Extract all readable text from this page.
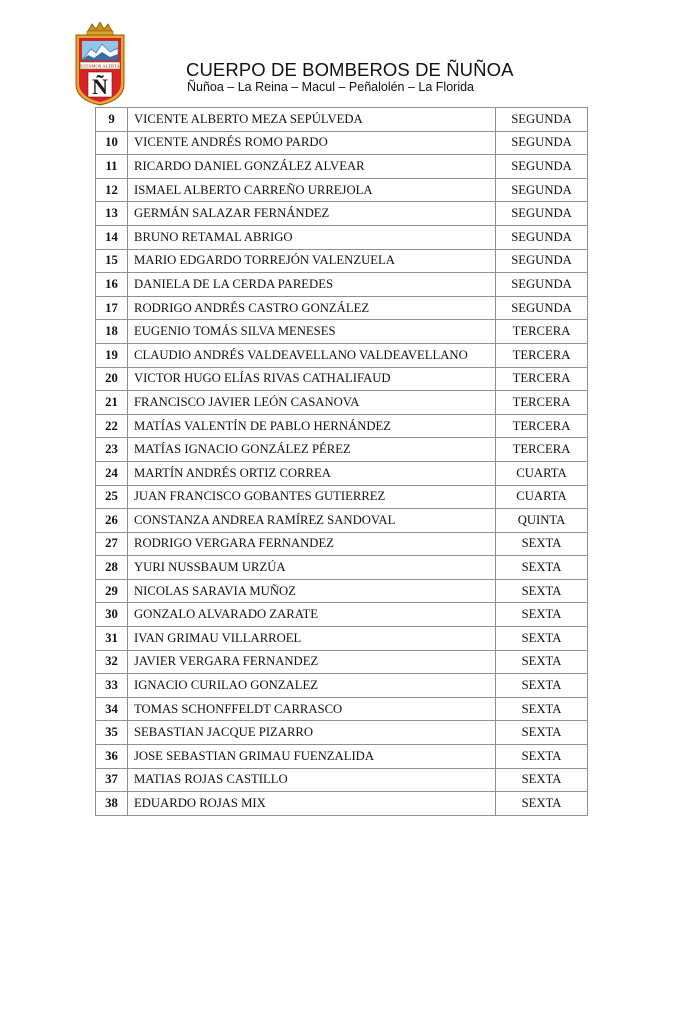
ESTAMOS ALERTA
Ñ
CUERPO DE BOMBEROS DE ÑUÑOA
Ñuñoa – La Reina – Macul – Peñalolén – La Florida
9	VICENTE ALBERTO MEZA SEPÚLVEDA	SEGUNDA
10	VICENTE ANDRÉS ROMO PARDO	SEGUNDA
11	RICARDO DANIEL GONZÁLEZ ALVEAR	SEGUNDA
12	ISMAEL ALBERTO CARREÑO URREJOLA	SEGUNDA
13	GERMÁN SALAZAR FERNÁNDEZ	SEGUNDA
14	BRUNO RETAMAL ABRIGO	SEGUNDA
15	MARIO EDGARDO TORREJÓN VALENZUELA	SEGUNDA
16	DANIELA DE LA CERDA PAREDES	SEGUNDA
17	RODRIGO ANDRÉS CASTRO GONZÁLEZ	SEGUNDA
18	EUGENIO TOMÁS SILVA MENESES	TERCERA
19	CLAUDIO ANDRÉS VALDEAVELLANO VALDEAVELLANO	TERCERA
20	VICTOR HUGO ELÍAS RIVAS CATHALIFAUD	TERCERA
21	FRANCISCO JAVIER LEÓN CASANOVA	TERCERA
22	MATÍAS VALENTÍN DE PABLO HERNÁNDEZ	TERCERA
23	MATÍAS IGNACIO GONZÁLEZ PÉREZ	TERCERA
24	MARTÍN ANDRÉS ORTIZ CORREA	CUARTA
25	JUAN FRANCISCO GOBANTES GUTIERREZ	CUARTA
26	CONSTANZA ANDREA RAMÍREZ SANDOVAL	QUINTA
27	RODRIGO VERGARA FERNANDEZ	SEXTA
28	YURI NUSSBAUM URZÚA	SEXTA
29	NICOLAS SARAVIA MUÑOZ	SEXTA
30	GONZALO ALVARADO ZARATE	SEXTA
31	IVAN GRIMAU VILLARROEL	SEXTA
32	JAVIER VERGARA FERNANDEZ	SEXTA
33	IGNACIO CURILAO GONZALEZ	SEXTA
34	TOMAS SCHONFFELDT CARRASCO	SEXTA
35	SEBASTIAN JACQUE PIZARRO	SEXTA
36	JOSE SEBASTIAN GRIMAU FUENZALIDA	SEXTA
37	MATIAS ROJAS CASTILLO	SEXTA
38	EDUARDO ROJAS MIX	SEXTA
